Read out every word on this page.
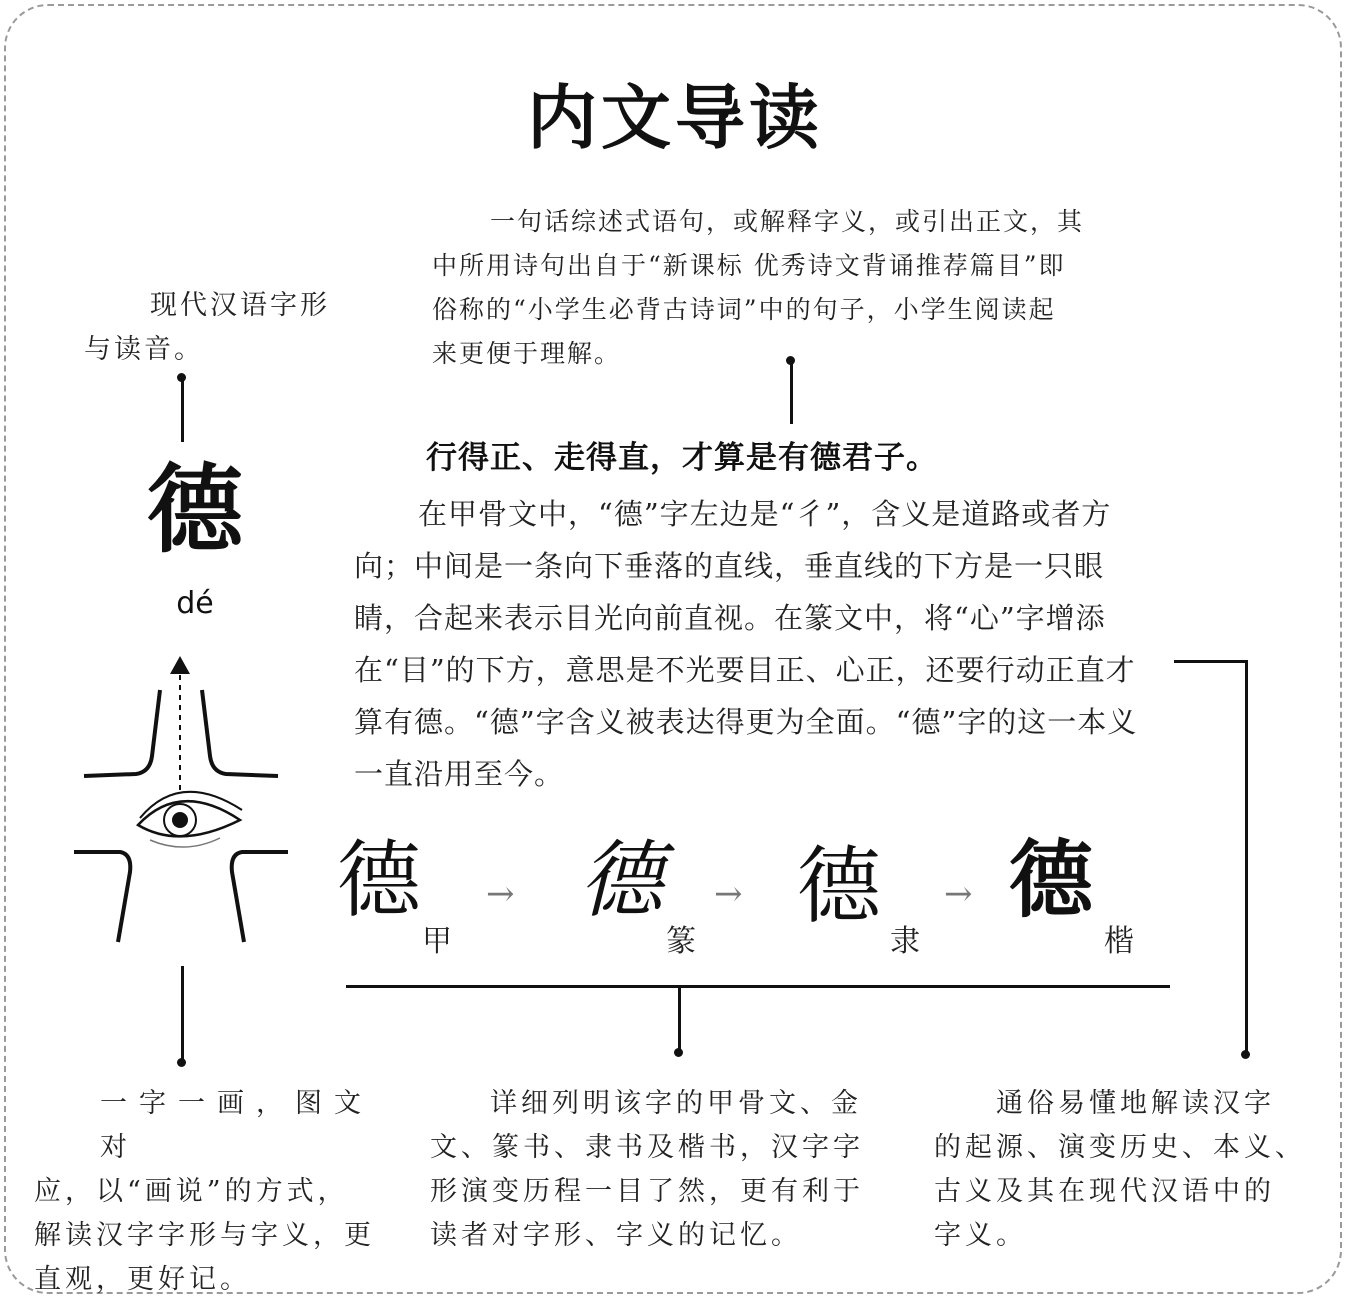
内文导读
现代汉语字形
与读音。
一句话综述式语句，或解释字义，或引出正文，其
中所用诗句出自于“新课标 优秀诗文背诵推荐篇目”即
俗称的“小学生必背古诗词”中的句子，小学生阅读起
来更便于理解。
德
dé
行得正、走得直，才算是有德君子。

在甲骨文中，“德”字左边是“彳”，含义是道路或者方向；中间是一条向下垂落的直线，垂直线的下方是一只眼睛，合起来表示目光向前直视。在篆文中，将“心”字增添在“目”的下方，意思是不光要目正、心正，还要行动正直才算有德。“德”字含义被表达得更为全面。“德”字的这一本义一直沿用至今。

德
甲
→ 德
篆
→ 德
隶
→ 德
楷
一字一画，图文对
应，以“画说”的方式，
解读汉字字形与字义，更
直观，更好记。
详细列明该字的甲骨文、金
文、篆书、隶书及楷书，汉字字
形演变历程一目了然，更有利于
读者对字形、字义的记忆。
通俗易懂地解读汉字
的起源、演变历史、本义、
古义及其在现代汉语中的
字义。
